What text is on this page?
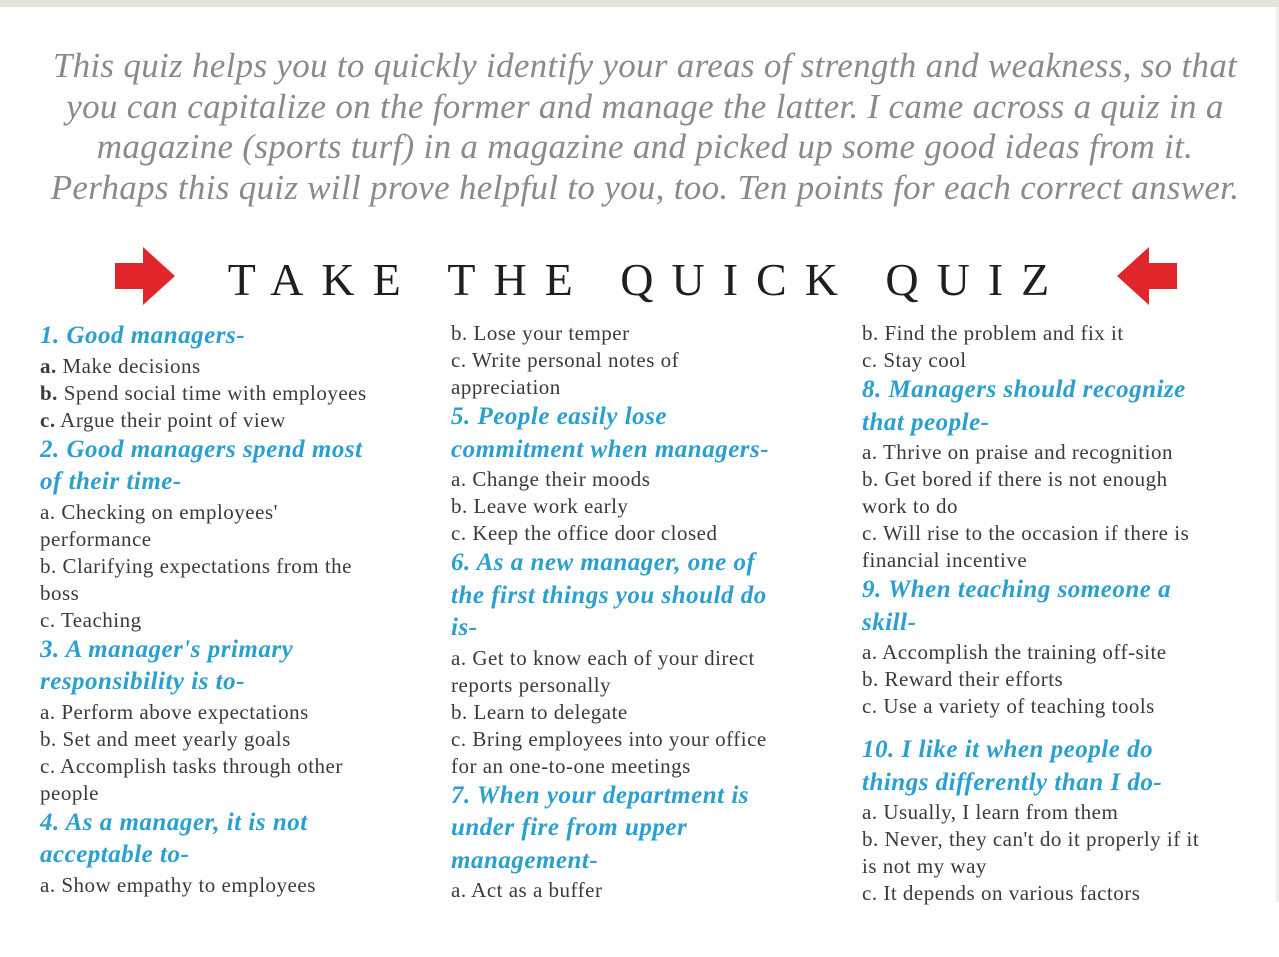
This quiz helps you to quickly identify your areas of strength and weakness, so that
you can capitalize on the former and manage the latter. I came across a quiz in a
magazine (sports turf) in a magazine and picked up some good ideas from it.
Perhaps this quiz will prove helpful to you, too. Ten points for each correct answer.
TAKE THE QUICK QUIZ
1. Good managers-
a. Make decisions
b. Spend social time with employees
c. Argue their point of view
2. Good managers spend most
of their time-
a. Checking on employees'
performance
b. Clarifying expectations from the
boss
c. Teaching
3. A manager's primary
responsibility is to-
a. Perform above expectations
b. Set and meet yearly goals
c. Accomplish tasks through other
people
4. As a manager, it is not
acceptable to-
a. Show empathy to employees
b. Lose your temper
c. Write personal notes of
appreciation
5. People easily lose
commitment when managers-
a. Change their moods
b. Leave work early
c. Keep the office door closed
6. As a new manager, one of
the first things you should do
is-
a. Get to know each of your direct
reports personally
b. Learn to delegate
c. Bring employees into your office
for an one-to-one meetings
7. When your department is
under fire from upper
management-
a. Act as a buffer
b. Find the problem and fix it
c. Stay cool
8. Managers should recognize
that people-
a. Thrive on praise and recognition
b. Get bored if there is not enough
work to do
c. Will rise to the occasion if there is
financial incentive
9. When teaching someone a
skill-
a. Accomplish the training off-site
b. Reward their efforts
c. Use a variety of teaching tools
10. I like it when people do
things differently than I do-
a. Usually, I learn from them
b. Never, they can't do it properly if it
is not my way
c. It depends on various factors
